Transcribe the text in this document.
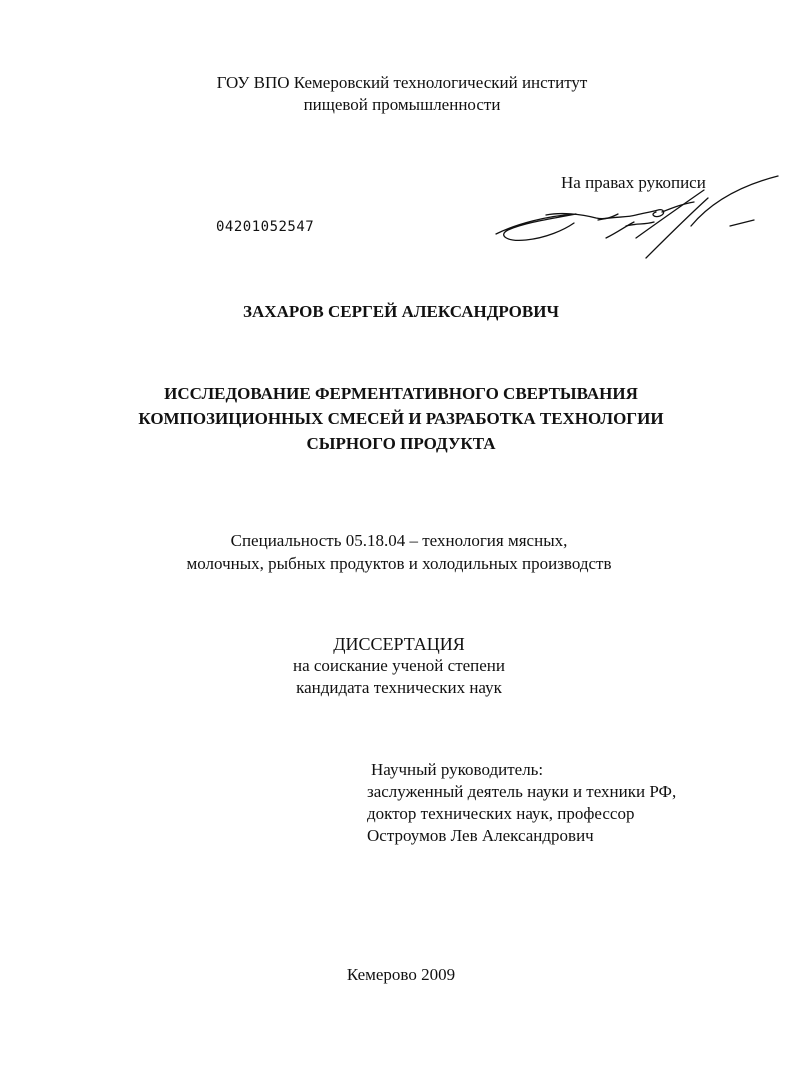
ГОУ ВПО Кемеровский технологический институт
пищевой промышленности
На правах рукописи
04201052547
ЗАХАРОВ СЕРГЕЙ АЛЕКСАНДРОВИЧ
ИССЛЕДОВАНИЕ ФЕРМЕНТАТИВНОГО СВЕРТЫВАНИЯ
КОМПОЗИЦИОННЫХ СМЕСЕЙ И РАЗРАБОТКА ТЕХНОЛОГИИ
СЫРНОГО ПРОДУКТА
Специальность 05.18.04 – технология мясных,
молочных, рыбных продуктов и холодильных производств
ДИССЕРТАЦИЯ
на соискание ученой степени
кандидата технических наук
Научный руководитель:
заслуженный деятель науки и техники РФ,
доктор технических наук, профессор
Остроумов Лев Александрович
Кемерово 2009
